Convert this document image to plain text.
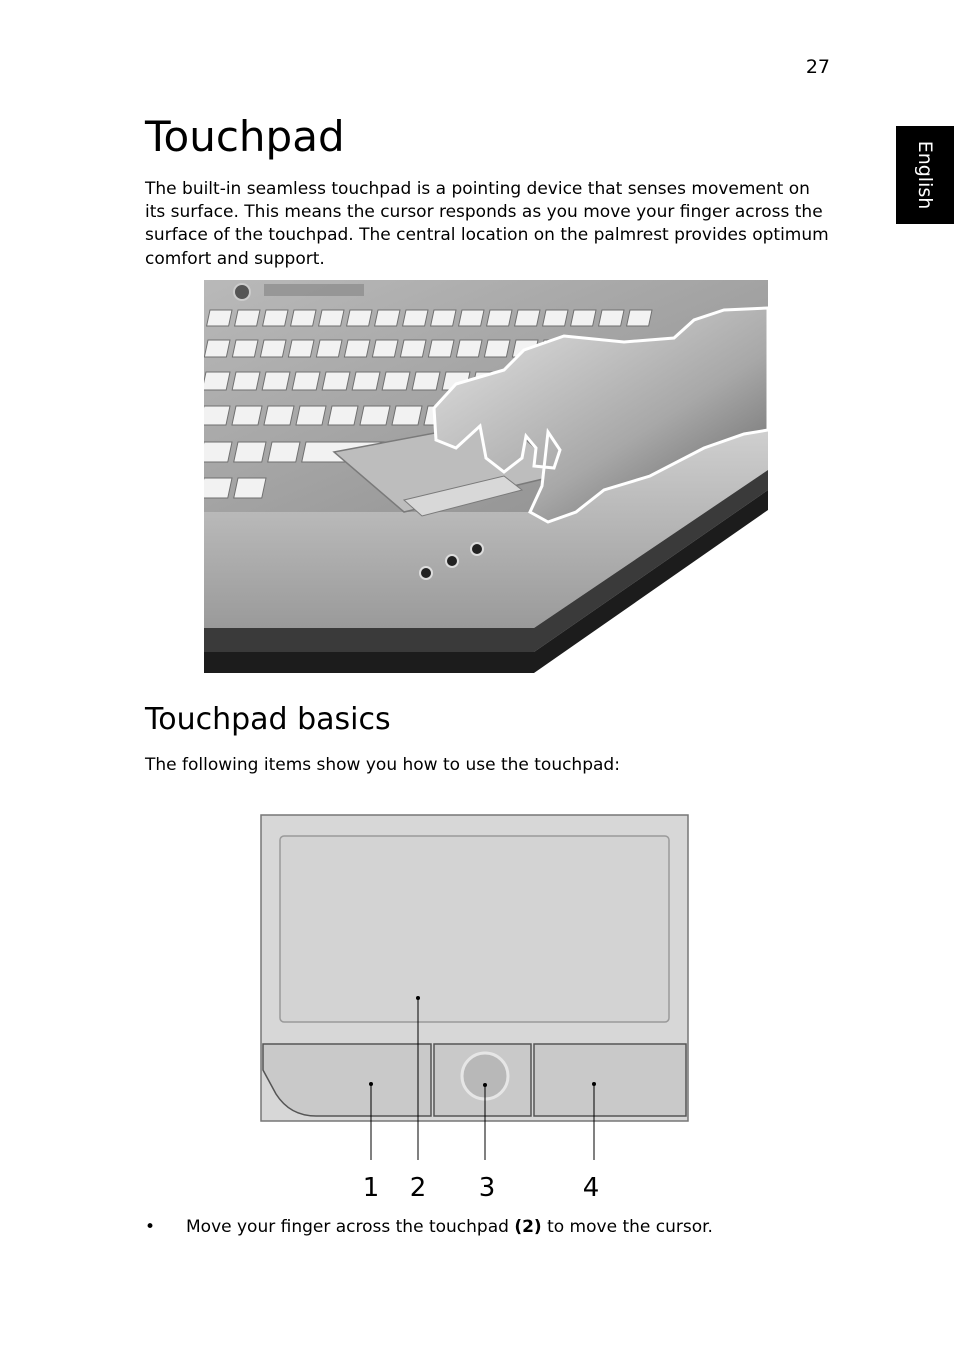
27
English
Touchpad

The built-in seamless touchpad is a pointing device that senses movement on its surface. This means the cursor responds as you move your finger across the surface of the touchpad. The central location on the palmrest provides optimum comfort and support.

Touchpad basics

The following items show you how to use the touchpad:

1 2 3	4
• Move your finger across the touchpad (2) to move the cursor.
